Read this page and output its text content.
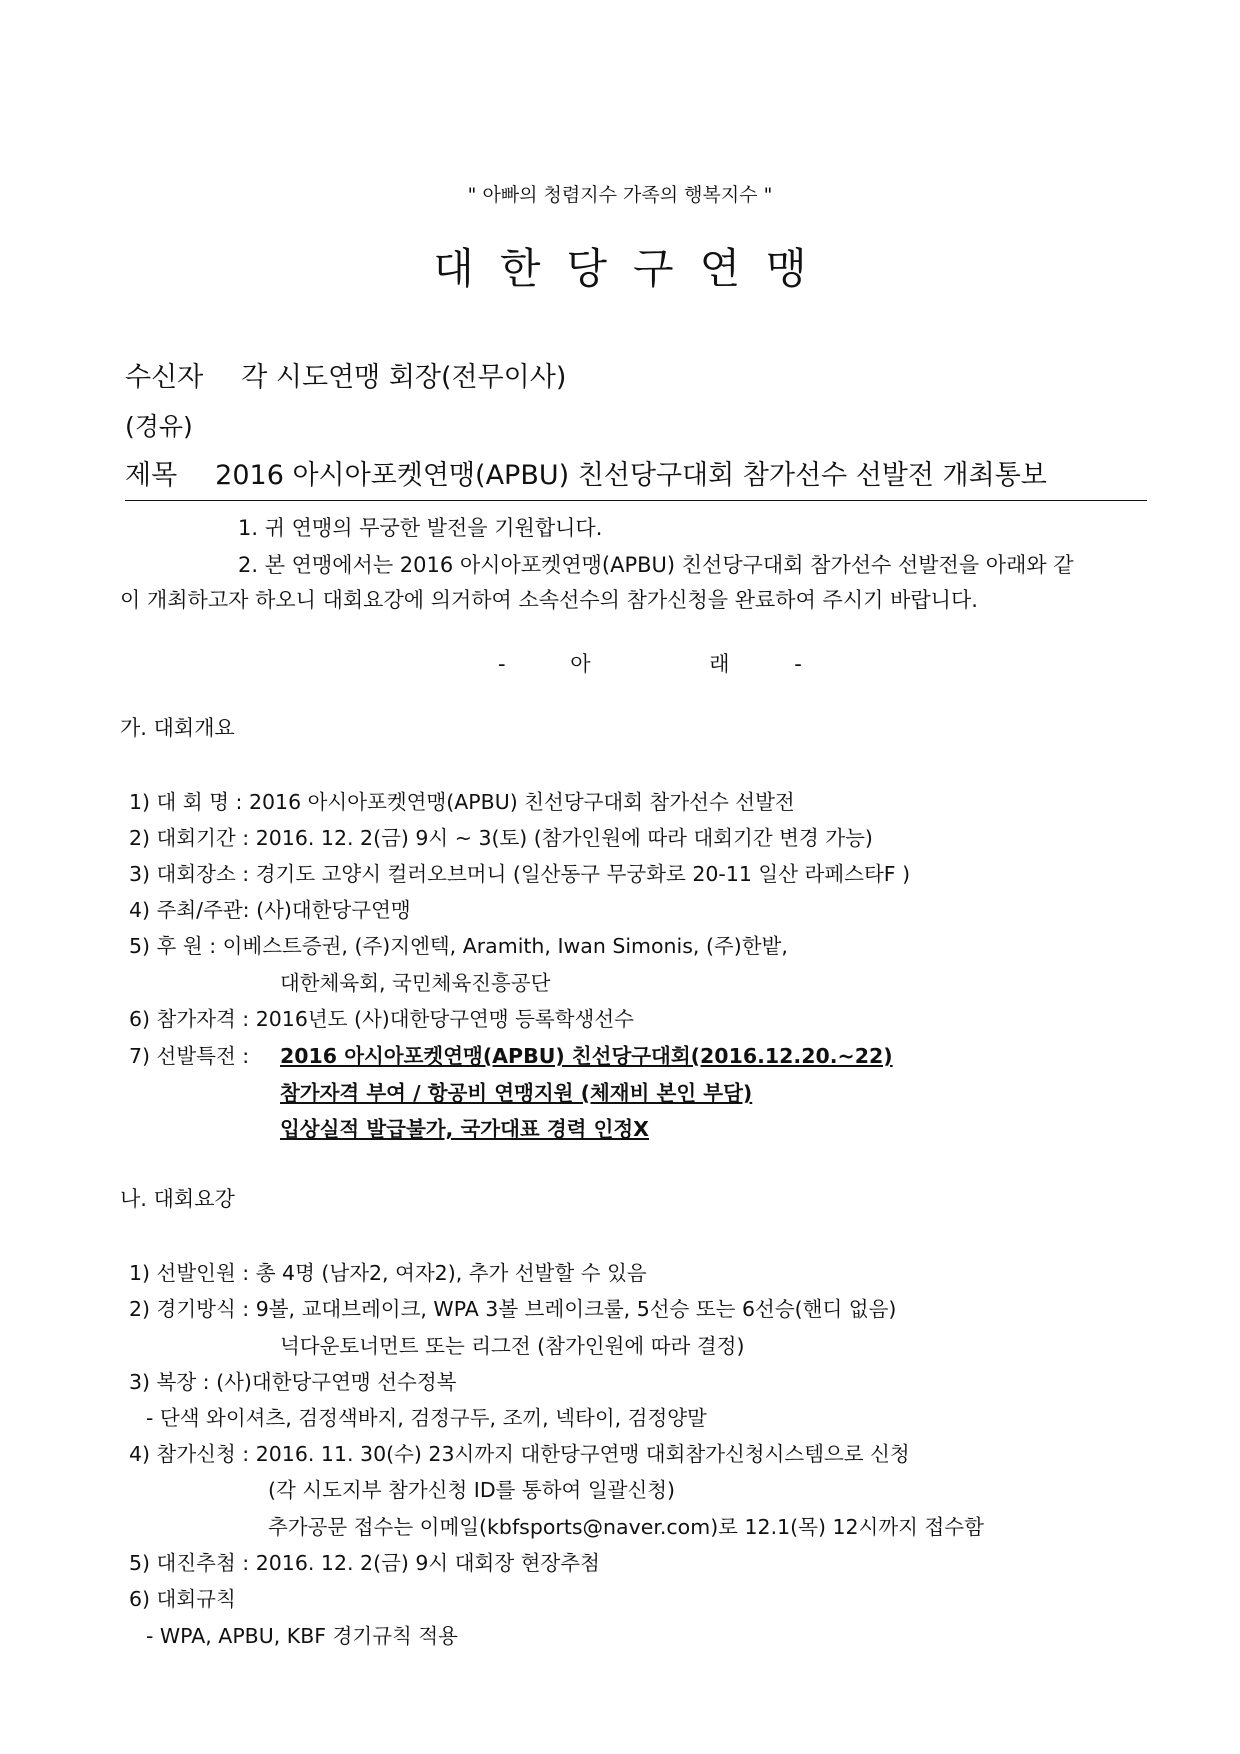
" 아빠의 청렴지수 가족의 행복지수 "
대한당구연맹
수신자 각 시도연맹 회장(전무이사)
(경유)
제목 2016 아시아포켓연맹(APBU) 친선당구대회 참가선수 선발전 개최통보
1. 귀 연맹의 무궁한 발전을 기원합니다.
2. 본 연맹에서는 2016 아시아포켓연맹(APBU) 친선당구대회 참가선수 선발전을 아래와 같
이 개최하고자 하오니 대회요강에 의거하여 소속선수의 참가신청을 완료하여 주시기 바랍니다.
-	아	래	-
가. 대회개요
1) 대 회 명 : 2016 아시아포켓연맹(APBU) 친선당구대회 참가선수 선발전
2) 대회기간 : 2016. 12. 2(금) 9시 ~ 3(토) (참가인원에 따라 대회기간 변경 가능)
3) 대회장소 : 경기도 고양시 컬러오브머니 (일산동구 무궁화로 20-11 일산 라페스타F )
4) 주최/주관: (사)대한당구연맹
5) 후 원 : 이베스트증권, (주)지엔텍, Aramith, Iwan Simonis, (주)한밭,
대한체육회, 국민체육진흥공단
6) 참가자격 : 2016년도 (사)대한당구연맹 등록학생선수
7) 선발특전 : 2016 아시아포켓연맹(APBU) 친선당구대회(2016.12.20.~22)
참가자격 부여 / 항공비 연맹지원 (체재비 본인 부담)
입상실적 발급불가, 국가대표 경력 인정X
나. 대회요강
1) 선발인원 : 총 4명 (남자2, 여자2), 추가 선발할 수 있음
2) 경기방식 : 9볼, 교대브레이크, WPA 3볼 브레이크룰, 5선승 또는 6선승(핸디 없음)
넉다운토너먼트 또는 리그전 (참가인원에 따라 결정)
3) 복장 : (사)대한당구연맹 선수정복
- 단색 와이셔츠, 검정색바지, 검정구두, 조끼, 넥타이, 검정양말
4) 참가신청 : 2016. 11. 30(수) 23시까지 대한당구연맹 대회참가신청시스템으로 신청
(각 시도지부 참가신청 ID를 통하여 일괄신청)
추가공문 접수는 이메일(kbfsports@naver.com)로 12.1(목) 12시까지 접수함
5) 대진추첨 : 2016. 12. 2(금) 9시 대회장 현장추첨
6) 대회규칙
- WPA, APBU, KBF 경기규칙 적용
